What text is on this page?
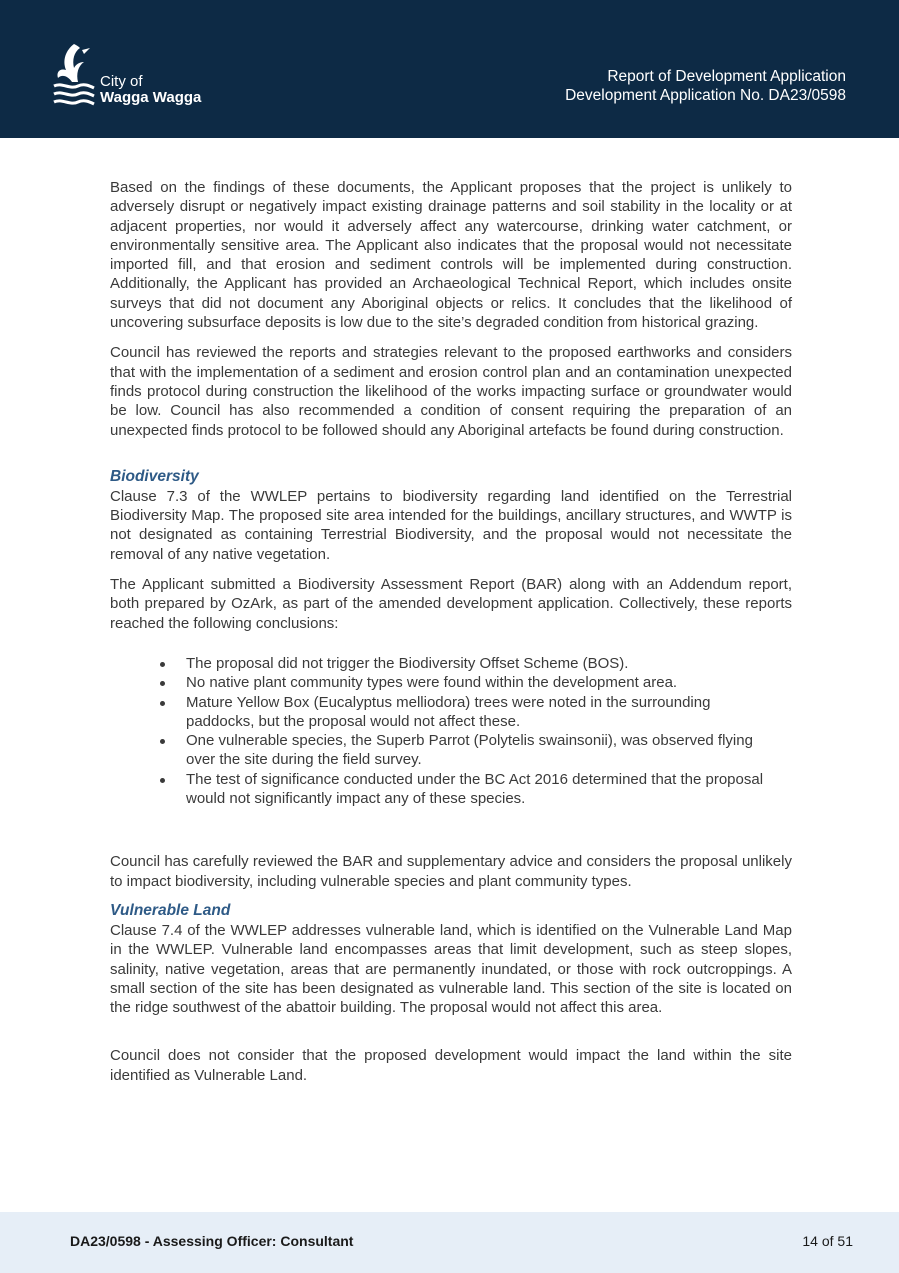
City of
Wagga Wagga
Report of Development Application
Development Application No. DA23/0598

Based on the findings of these documents, the Applicant proposes that the project is unlikely to adversely disrupt or negatively impact existing drainage patterns and soil stability in the locality or at adjacent properties, nor would it adversely affect any watercourse, drinking water catchment, or environmentally sensitive area. The Applicant also indicates that the proposal would not necessitate imported fill, and that erosion and sediment controls will be implemented during construction. Additionally, the Applicant has provided an Archaeological Technical Report, which includes onsite surveys that did not document any Aboriginal objects or relics. It concludes that the likelihood of uncovering subsurface deposits is low due to the site’s degraded condition from historical grazing.

Council has reviewed the reports and strategies relevant to the proposed earthworks and considers that with the implementation of a sediment and erosion control plan and an contamination unexpected finds protocol during construction the likelihood of the works impacting surface or groundwater would be low. Council has also recommended a condition of consent requiring the preparation of an unexpected finds protocol to be followed should any Aboriginal artefacts be found during construction.

Biodiversity

Clause 7.3 of the WWLEP pertains to biodiversity regarding land identified on the Terrestrial Biodiversity Map. The proposed site area intended for the buildings, ancillary structures, and WWTP is not designated as containing Terrestrial Biodiversity, and the proposal would not necessitate the removal of any native vegetation.

The Applicant submitted a Biodiversity Assessment Report (BAR) along with an Addendum report, both prepared by OzArk, as part of the amended development application. Collectively, these reports reached the following conclusions:

The proposal did not trigger the Biodiversity Offset Scheme (BOS).
No native plant community types were found within the development area.
Mature Yellow Box (Eucalyptus melliodora) trees were noted in the surrounding paddocks, but the proposal would not affect these.
One vulnerable species, the Superb Parrot (Polytelis swainsonii), was observed flying over the site during the field survey.
The test of significance conducted under the BC Act 2016 determined that the proposal would not significantly impact any of these species.

Council has carefully reviewed the BAR and supplementary advice and considers the proposal unlikely to impact biodiversity, including vulnerable species and plant community types.

Vulnerable Land

Clause 7.4 of the WWLEP addresses vulnerable land, which is identified on the Vulnerable Land Map in the WWLEP. Vulnerable land encompasses areas that limit development, such as steep slopes, salinity, native vegetation, areas that are permanently inundated, or those with rock outcroppings. A small section of the site has been designated as vulnerable land. This section of the site is located on the ridge southwest of the abattoir building. The proposal would not affect this area.

Council does not consider that the proposed development would impact the land within the site identified as Vulnerable Land.

DA23/0598 - Assessing Officer: Consultant	14 of 51
